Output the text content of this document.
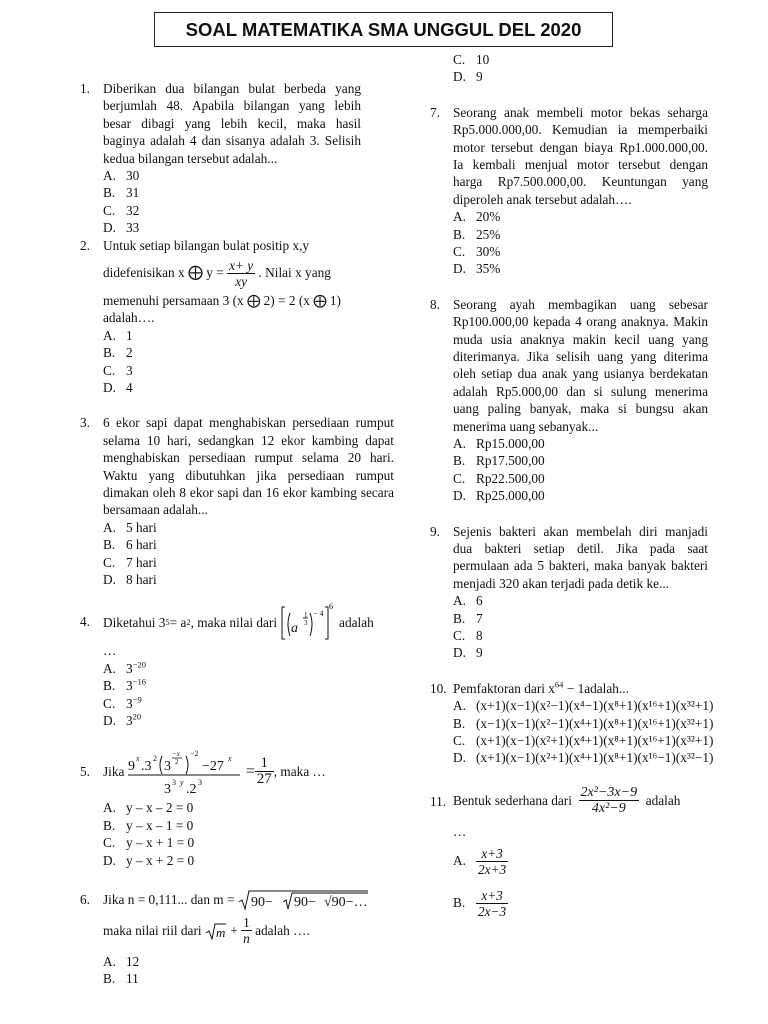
SOAL MATEMATIKA SMA UNGGUL DEL 2020
1. Diberikan dua bilangan bulat berbeda yang berjumlah 48. Apabila bilangan yang lebih besar dibagi yang lebih kecil, maka hasil baginya adalah 4 dan sisanya adalah 3. Selisih kedua bilangan tersebut adalah...
A. 30
B. 31
C. 32
D. 33
2. Untuk setiap bilangan bulat positip x,y
didefenisikan x
⨁
y =
$\frac{x+ y}{xy}$
. Nilai x yang
memenuhi persamaan 3 (x ⨁ 2) = 2 (x ⨁ 1)
adalah….
A. 1
B. 2
C. 3
D. 4
3. 6 ekor sapi dapat menghabiskan persediaan rumput selama 10 hari, sedangkan 12 ekor kambing dapat menghabiskan persediaan rumput selama 20 hari. Waktu yang dibutuhkan jika persediaan rumput dimakan oleh 8 ekor sapi dan 16 ekor kambing secara bersamaan adalah...
A. 5 hari
B. 6 hari
C. 7 hari
D. 8 hari
4. Diketahui 3 5 = a 2 , maka nilai dari
a
1
3
− 4
6

adalah
…
A. $3^{-20}$
B. $3^{-16}$
C. $3^{-9}$
D. $3^{20}$
5. Jika
9
x
.3
2
3
−x
2
−2
−27
x
3 3 y .2 3
= $\frac{1}{27}$ , maka …
A. y – x – 2 = 0
B. y – x – 1 = 0
C. y – x + 1 = 0
D. y – x + 2 = 0
6. Jika n = 0,111... dan m =
90− 90− √90−…
maka nilai riil dari
$m + \frac{1}{n}$
adalah ….
A. 12
B. 11
C. 10
D. 9
7. Seorang anak membeli motor bekas seharga Rp5.000.000,00. Kemudian ia memperbaiki motor tersebut dengan biaya Rp1.000.000,00. Ia kembali menjual motor tersebut dengan harga Rp7.500.000,00. Keuntungan yang diperoleh anak tersebut adalah….
A. 20%
B. 25%
C. 30%
D. 35%
8. Seorang ayah membagikan uang sebesar Rp100.000,00 kepada 4 orang anaknya. Makin muda usia anaknya makin kecil uang yang diterimanya. Jika selisih uang yang diterima oleh setiap dua anak yang usianya berdekatan adalah Rp5.000,00 dan si sulung menerima uang paling banyak, maka si bungsu akan menerima uang sebanyak...
A. Rp15.000,00
B. Rp17.500,00
C. Rp22.500,00
D. Rp25.000,00
9. Sejenis bakteri akan membelah diri manjadi dua bakteri setiap detil. Jika pada saat permulaan ada 5 bakteri, maka banyak bakteri menjadi 320 akan terjadi pada detik ke...
A. 6
B. 7
C. 8
D. 9
10. Pemfaktoran dari $x^{64}$ − 1adalah...
A. (x+1)(x−1)(x²−1)(x⁴−1)(x⁸+1)(x¹⁶+1)(x³²+1)
B. (x−1)(x−1)(x²−1)(x⁴+1)(x⁸+1)(x¹⁶+1)(x³²+1)
C. (x+1)(x−1)(x²+1)(x⁴+1)(x⁸+1)(x¹⁶+1)(x³²+1)
D. (x+1)(x−1)(x²+1)(x⁴+1)(x⁸+1)(x¹⁶−1)(x³²−1)
11. Bentuk sederhana dari
$\frac{\text{2x²−3x−9}}{\text{4x²−9}}$
adalah
…
A. $\frac{x+3}{2x+3}$
B. $\frac{x+3}{2x-3}$
